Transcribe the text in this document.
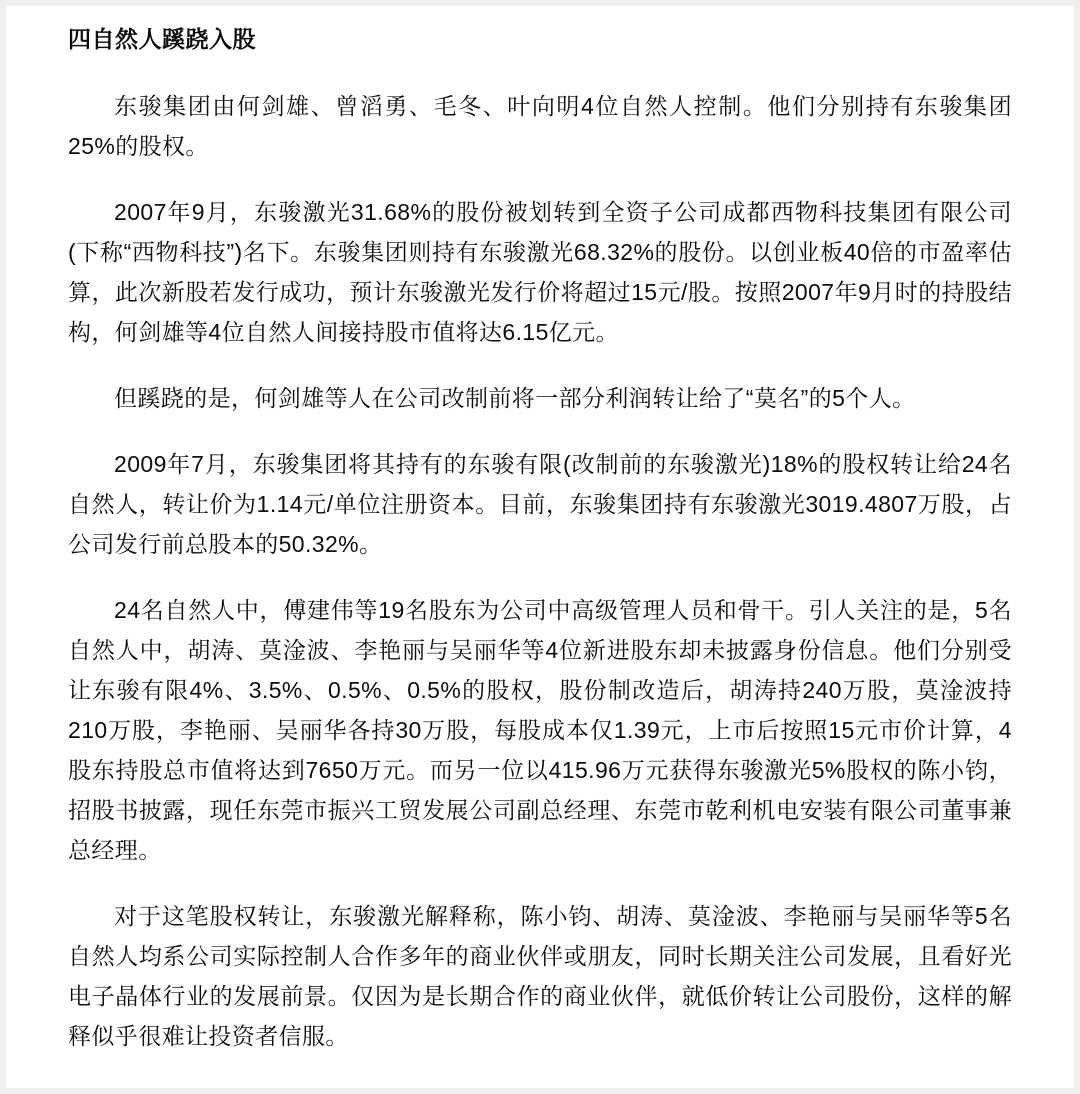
四自然人蹊跷入股

东骏集团由何剑雄、曾滔勇、毛冬、叶向明4位自然人控制。他们分别持有东骏集团25%的股权。

2007年9月，东骏激光31.68%的股份被划转到全资子公司成都西物科技集团有限公司(下称“西物科技”)名下。东骏集团则持有东骏激光68.32%的股份。以创业板40倍的市盈率估算，此次新股若发行成功，预计东骏激光发行价将超过15元/股。按照2007年9月时的持股结构，何剑雄等4位自然人间接持股市值将达6.15亿元。

但蹊跷的是，何剑雄等人在公司改制前将一部分利润转让给了“莫名”的5个人。

2009年7月，东骏集团将其持有的东骏有限(改制前的东骏激光)18%的股权转让给24名自然人，转让价为1.14元/单位注册资本。目前，东骏集团持有东骏激光3019.4807万股，占公司发行前总股本的50.32%。

24名自然人中，傅建伟等19名股东为公司中高级管理人员和骨干。引人关注的是，5名自然人中，胡涛、莫淦波、李艳丽与吴丽华等4位新进股东却未披露身份信息。他们分别受让东骏有限4%、3.5%、0.5%、0.5%的股权，股份制改造后，胡涛持240万股，莫淦波持210万股，李艳丽、吴丽华各持30万股，每股成本仅1.39元，上市后按照15元市价计算，4股东持股总市值将达到7650万元。而另一位以415.96万元获得东骏激光5%股权的陈小钧，招股书披露，现任东莞市振兴工贸发展公司副总经理、东莞市乾利机电安装有限公司董事兼总经理。

对于这笔股权转让，东骏激光解释称，陈小钧、胡涛、莫淦波、李艳丽与吴丽华等5名自然人均系公司实际控制人合作多年的商业伙伴或朋友，同时长期关注公司发展，且看好光电子晶体行业的发展前景。仅因为是长期合作的商业伙伴，就低价转让公司股份，这样的解释似乎很难让投资者信服。
